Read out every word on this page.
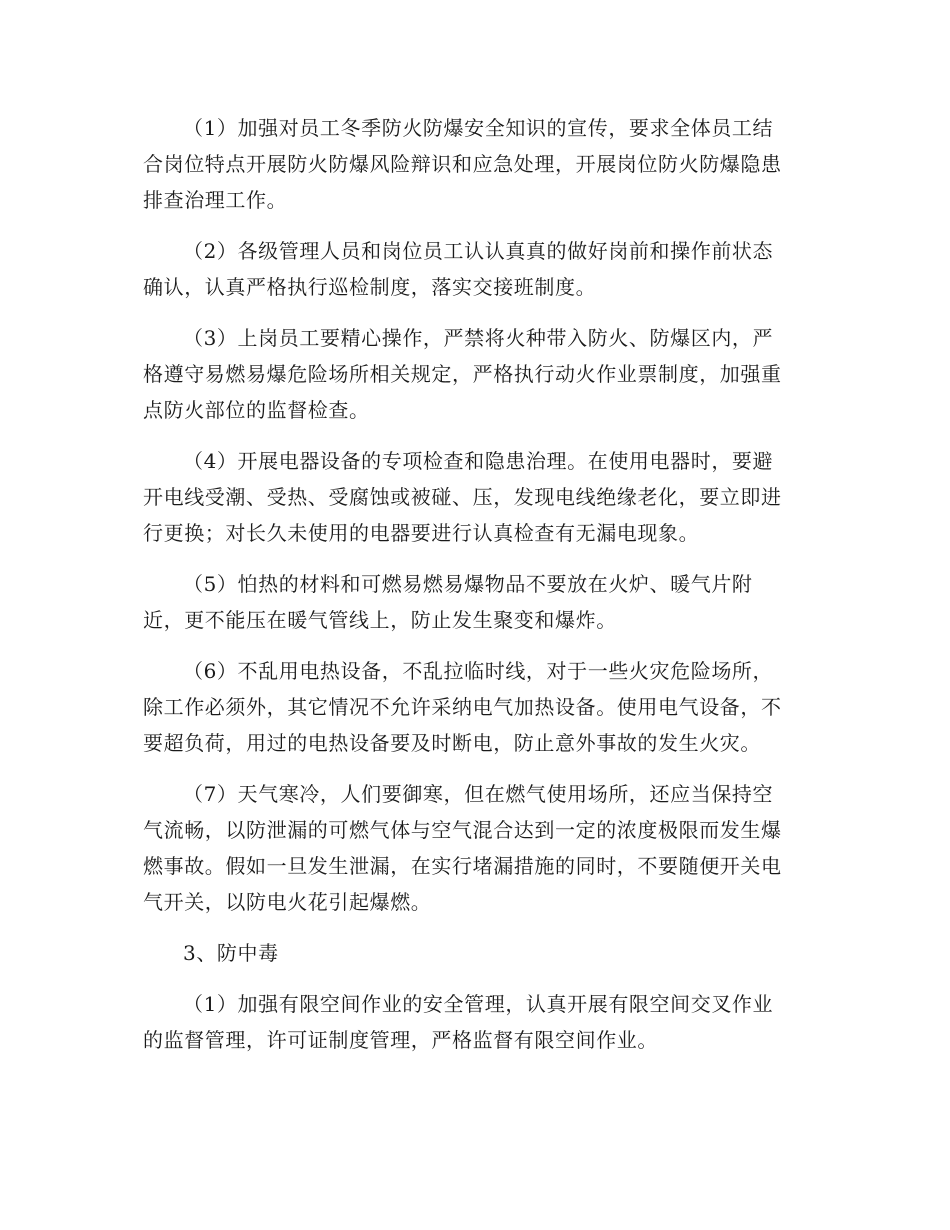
（1）加强对员工冬季防火防爆安全知识的宣传，要求全体员工结合岗位特点开展防火防爆风险辩识和应急处理，开展岗位防火防爆隐患排查治理工作。

（2）各级管理人员和岗位员工认认真真的做好岗前和操作前状态确认，认真严格执行巡检制度，落实交接班制度。

（3）上岗员工要精心操作，严禁将火种带入防火、防爆区内，严格遵守易燃易爆危险场所相关规定，严格执行动火作业票制度，加强重点防火部位的监督检查。

（4）开展电器设备的专项检查和隐患治理。在使用电器时，要避开电线受潮、受热、受腐蚀或被碰、压，发现电线绝缘老化，要立即进行更换；对长久未使用的电器要进行认真检查有无漏电现象。

（5）怕热的材料和可燃易燃易爆物品不要放在火炉、暖气片附近，更不能压在暖气管线上，防止发生聚变和爆炸。

（6）不乱用电热设备，不乱拉临时线，对于一些火灾危险场所，除工作必须外，其它情况不允许采纳电气加热设备。使用电气设备，不要超负荷，用过的电热设备要及时断电，防止意外事故的发生火灾。

（7）天气寒冷，人们要御寒，但在燃气使用场所，还应当保持空气流畅，以防泄漏的可燃气体与空气混合达到一定的浓度极限而发生爆燃事故。假如一旦发生泄漏，在实行堵漏措施的同时，不要随便开关电气开关，以防电火花引起爆燃。

3、防中毒

（1）加强有限空间作业的安全管理，认真开展有限空间交叉作业的监督管理，许可证制度管理，严格监督有限空间作业。
